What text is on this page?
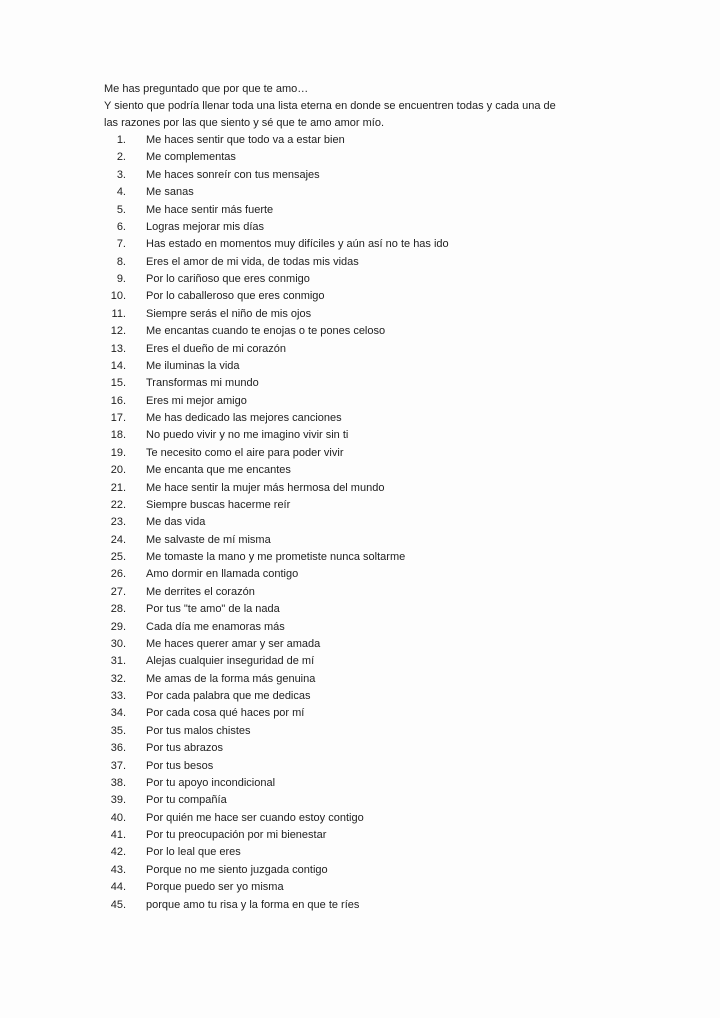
Me has preguntado que por que te amo…
Y siento que podría llenar toda una lista eterna en donde se encuentren todas y cada una de
las razones por las que siento y sé que te amo amor mío.
1. Me haces sentir que todo va a estar bien
2. Me complementas
3. Me haces sonreír con tus mensajes
4. Me sanas
5. Me hace sentir más fuerte
6. Logras mejorar mis días
7. Has estado en momentos muy difíciles y aún así no te has ido
8. Eres el amor de mi vida, de todas mis vidas
9. Por lo cariñoso que eres conmigo
10. Por lo caballeroso que eres conmigo
11. Siempre serás el niño de mis ojos
12. Me encantas cuando te enojas o te pones celoso
13. Eres el dueño de mi corazón
14. Me iluminas la vida
15. Transformas mi mundo
16. Eres mi mejor amigo
17. Me has dedicado las mejores canciones
18. No puedo vivir y no me imagino vivir sin ti
19. Te necesito como el aire para poder vivir
20. Me encanta que me encantes
21. Me hace sentir la mujer más hermosa del mundo
22. Siempre buscas hacerme reír
23. Me das vida
24. Me salvaste de mí misma
25. Me tomaste la mano y me prometiste nunca soltarme
26. Amo dormir en llamada contigo
27. Me derrites el corazón
28. Por tus "te amo" de la nada
29. Cada día me enamoras más
30. Me haces querer amar y ser amada
31. Alejas cualquier inseguridad de mí
32. Me amas de la forma más genuina
33. Por cada palabra que me dedicas
34. Por cada cosa qué haces por mí
35. Por tus malos chistes
36. Por tus abrazos
37. Por tus besos
38. Por tu apoyo incondicional
39. Por tu compañía
40. Por quién me hace ser cuando estoy contigo
41. Por tu preocupación por mi bienestar
42. Por lo leal que eres
43. Porque no me siento juzgada contigo
44. Porque puedo ser yo misma
45. porque amo tu risa y la forma en que te ríes
